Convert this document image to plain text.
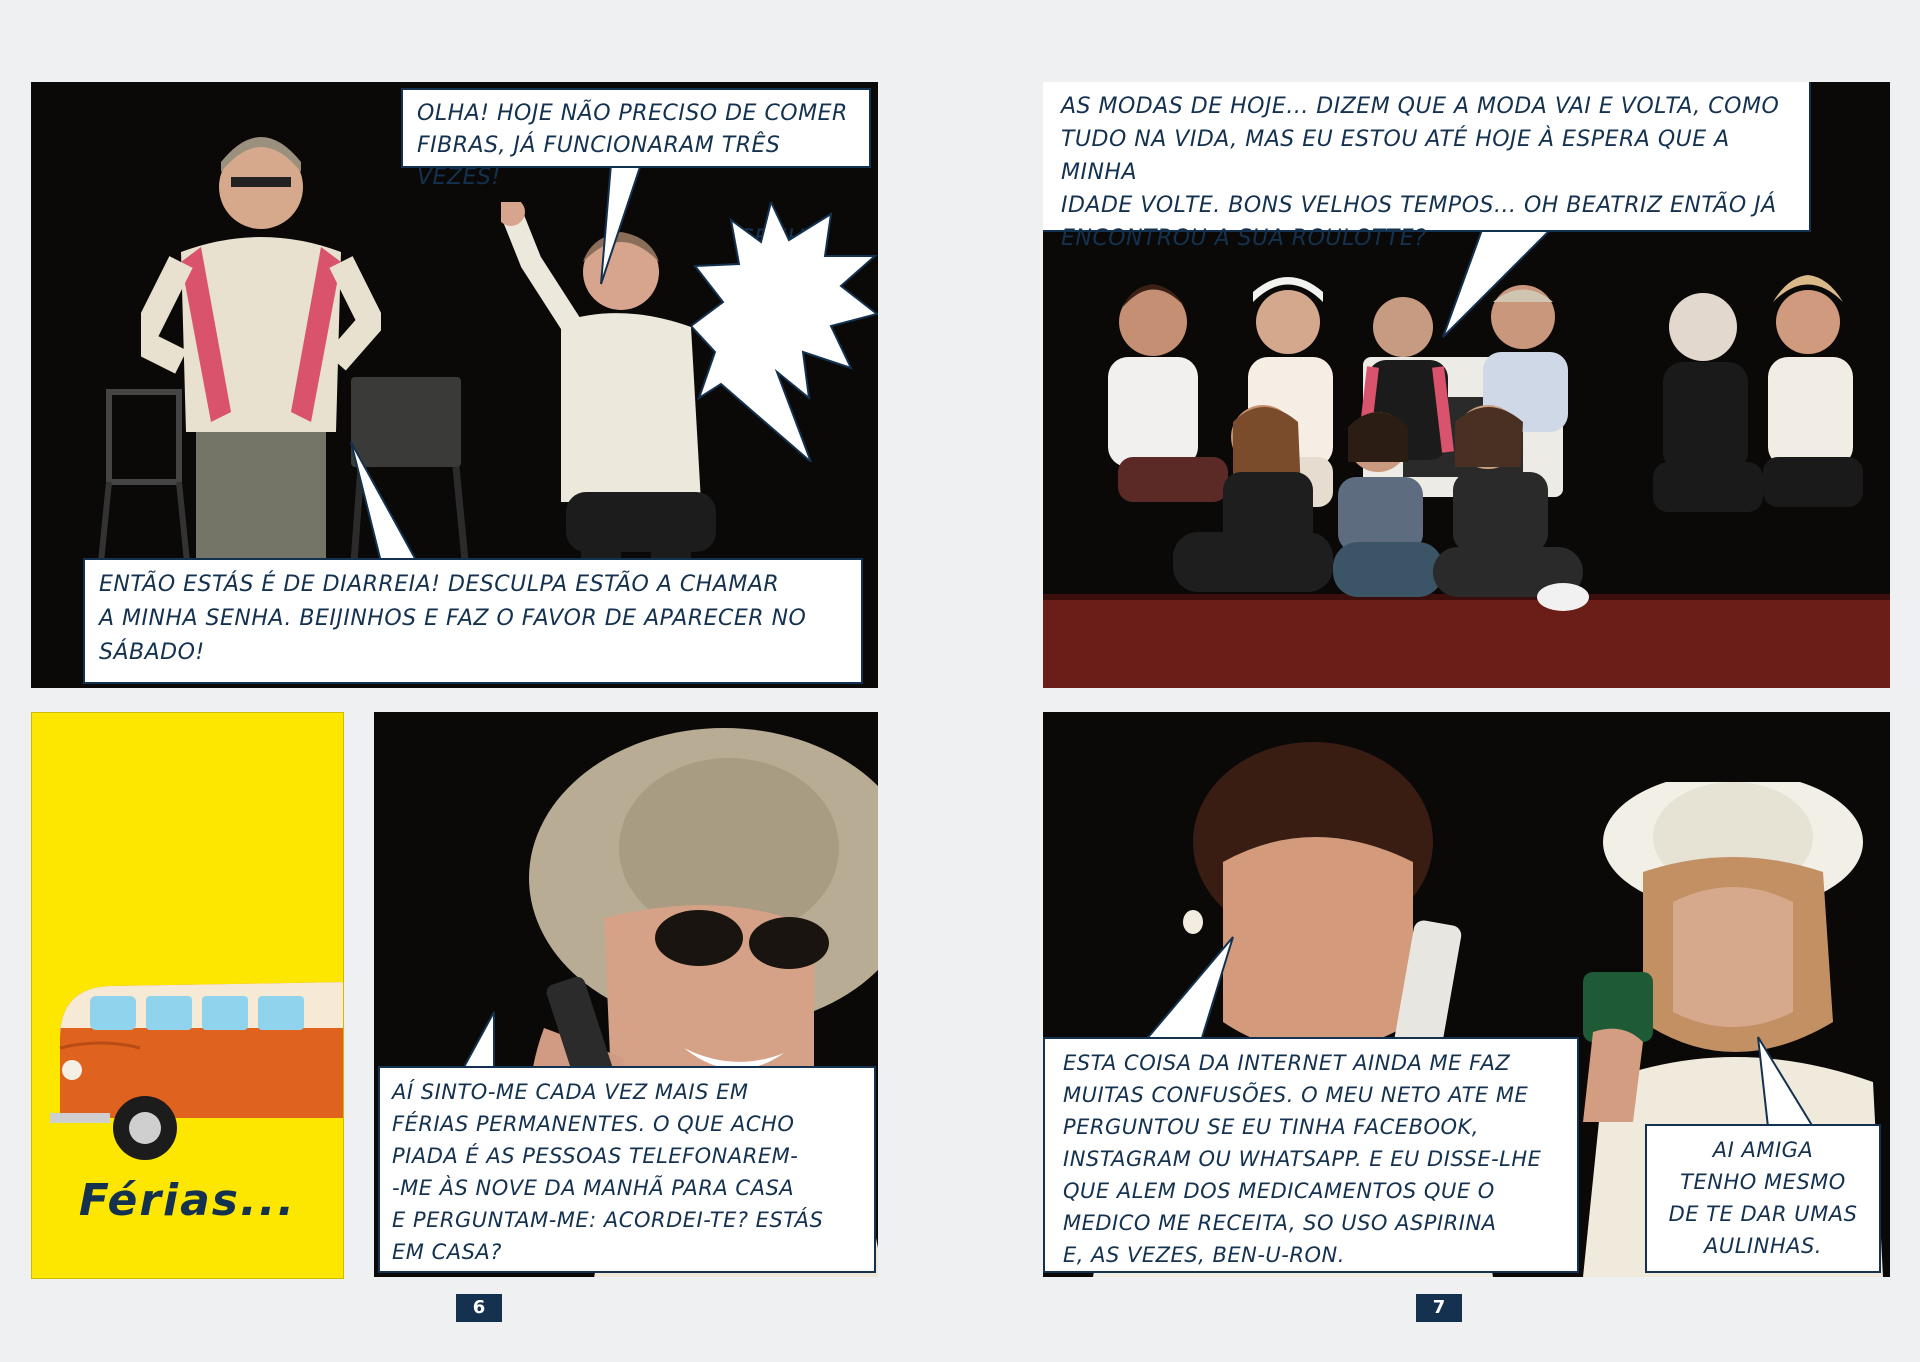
OLHA! HOJE NÃO PRECISO DE COMER
FIBRAS, JÁ FUNCIONARAM TRÊS VEZES!
ENTÃO ESTÁS É DE DIARREIA! DESCULPA ESTÃO A CHAMAR
A MINHA SENHA. BEIJINHOS E FAZ O FAVOR DE APARECER NO
SÁBADO!
AS MODAS DE HOJE... DIZEM QUE A MODA VAI E VOLTA, COMO
TUDO NA VIDA, MAS EU ESTOU ATÉ HOJE À ESPERA QUE A MINHA
IDADE VOLTE. BONS VELHOS TEMPOS... OH BEATRIZ ENTÃO JÁ
ENCONTROU A SUA ROULOTTE?
Férias...
AÍ SINTO-ME CADA VEZ MAIS EM
FÉRIAS PERMANENTES. O QUE ACHO
PIADA É AS PESSOAS TELEFONAREM-
-ME ÀS NOVE DA MANHÃ PARA CASA
E PERGUNTAM-ME: ACORDEI-TE? ESTÁS
EM CASA?
ESTA COISA DA INTERNET AINDA ME FAZ
MUITAS CONFUSÕES. O MEU NETO ATE ME
PERGUNTOU SE EU TINHA FACEBOOK,
INSTAGRAM OU WHATSAPP. E EU DISSE-LHE
QUE ALEM DOS MEDICAMENTOS QUE O
MEDICO ME RECEITA, SO USO ASPIRINA
E, AS VEZES, BEN-U-RON.
AI AMIGA
TENHO MESMO
DE TE DAR UMAS
AULINHAS.
6	7
